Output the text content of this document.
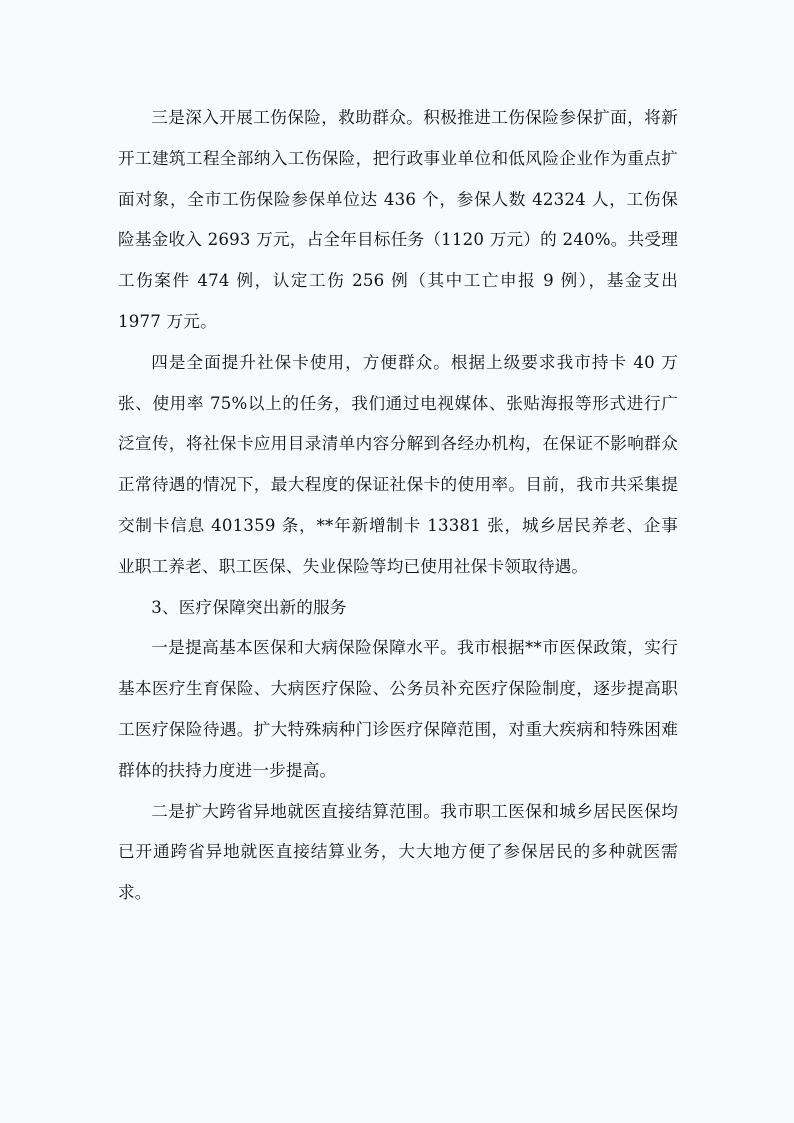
三是深入开展工伤保险，救助群众。积极推进工伤保险参保扩面，将新开工建筑工程全部纳入工伤保险，把行政事业单位和低风险企业作为重点扩面对象，全市工伤保险参保单位达 436 个，参保人数 42324 人，工伤保险基金收入 2693 万元，占全年目标任务（1120 万元）的 240%。共受理工伤案件 474 例，认定工伤 256 例（其中工亡申报 9 例），基金支出 1977 万元。

四是全面提升社保卡使用，方便群众。根据上级要求我市持卡 40 万张、使用率 75%以上的任务，我们通过电视媒体、张贴海报等形式进行广泛宣传，将社保卡应用目录清单内容分解到各经办机构，在保证不影响群众正常待遇的情况下，最大程度的保证社保卡的使用率。目前，我市共采集提交制卡信息 401359 条，**年新增制卡 13381 张，城乡居民养老、企事业职工养老、职工医保、失业保险等均已使用社保卡领取待遇。

3、医疗保障突出新的服务

一是提高基本医保和大病保险保障水平。我市根据**市医保政策，实行基本医疗生育保险、大病医疗保险、公务员补充医疗保险制度，逐步提高职工医疗保险待遇。扩大特殊病种门诊医疗保障范围，对重大疾病和特殊困难群体的扶持力度进一步提高。

二是扩大跨省异地就医直接结算范围。我市职工医保和城乡居民医保均已开通跨省异地就医直接结算业务，大大地方便了参保居民的多种就医需求。
